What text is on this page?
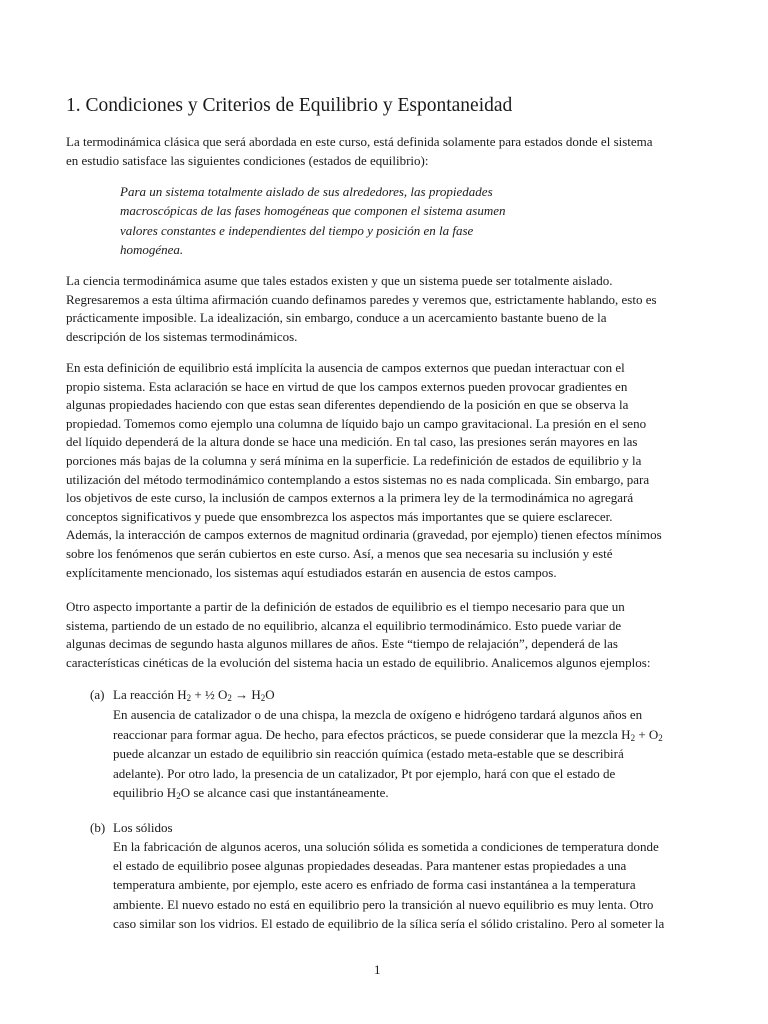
1. Condiciones y Criterios de Equilibrio y Espontaneidad
La termodinámica clásica que será abordada en este curso, está definida solamente para estados donde el sistema
en estudio satisface las siguientes condiciones (estados de equilibrio):
Para un sistema totalmente aislado de sus alrededores, las propiedades
macroscópicas de las fases homogéneas que componen el sistema asumen
valores constantes e independientes del tiempo y posición en la fase
homogénea.
La ciencia termodinámica asume que tales estados existen y que un sistema puede ser totalmente aislado.
Regresaremos a esta última afirmación cuando definamos paredes y veremos que, estrictamente hablando, esto es
prácticamente imposible. La idealización, sin embargo, conduce a un acercamiento bastante bueno de la
descripción de los sistemas termodinámicos.
En esta definición de equilibrio está implícita la ausencia de campos externos que puedan interactuar con el
propio sistema. Esta aclaración se hace en virtud de que los campos externos pueden provocar gradientes en
algunas propiedades haciendo con que estas sean diferentes dependiendo de la posición en que se observa la
propiedad. Tomemos como ejemplo una columna de líquido bajo un campo gravitacional. La presión en el seno
del líquido dependerá de la altura donde se hace una medición. En tal caso, las presiones serán mayores en las
porciones más bajas de la columna y será mínima en la superficie. La redefinición de estados de equilibrio y la
utilización del método termodinámico contemplando a estos sistemas no es nada complicada. Sin embargo, para
los objetivos de este curso, la inclusión de campos externos a la primera ley de la termodinámica no agregará
conceptos significativos y puede que ensombrezca los aspectos más importantes que se quiere esclarecer.
Además, la interacción de campos externos de magnitud ordinaria (gravedad, por ejemplo) tienen efectos mínimos
sobre los fenómenos que serán cubiertos en este curso. Así, a menos que sea necesaria su inclusión y esté
explícitamente mencionado, los sistemas aquí estudiados estarán en ausencia de estos campos.
Otro aspecto importante a partir de la definición de estados de equilibrio es el tiempo necesario para que un
sistema, partiendo de un estado de no equilibrio, alcanza el equilibrio termodinámico. Esto puede variar de
algunas decimas de segundo hasta algunos millares de años. Este “tiempo de relajación”, dependerá de las
características cinéticas de la evolución del sistema hacia un estado de equilibrio. Analicemos algunos ejemplos:
(a) La reacción $H_2$ + ½ $O_2 \to H_2O$
En ausencia de catalizador o de una chispa, la mezcla de oxígeno e hidrógeno tardará algunos años en
reaccionar para formar agua. De hecho, para efectos prácticos, se puede considerar que la mezcla $H_2 + O_2$
puede alcanzar un estado de equilibrio sin reacción química (estado meta-estable que se describirá
adelante). Por otro lado, la presencia de un catalizador, Pt por ejemplo, hará con que el estado de
equilibrio $H_2O$ se alcance casi que instantáneamente.
(b) Los sólidos
En la fabricación de algunos aceros, una solución sólida es sometida a condiciones de temperatura donde
el estado de equilibrio posee algunas propiedades deseadas. Para mantener estas propiedades a una
temperatura ambiente, por ejemplo, este acero es enfriado de forma casi instantánea a la temperatura
ambiente. El nuevo estado no está en equilibrio pero la transición al nuevo equilibrio es muy lenta. Otro
caso similar son los vidrios. El estado de equilibrio de la sílica sería el sólido cristalino. Pero al someter la
1
